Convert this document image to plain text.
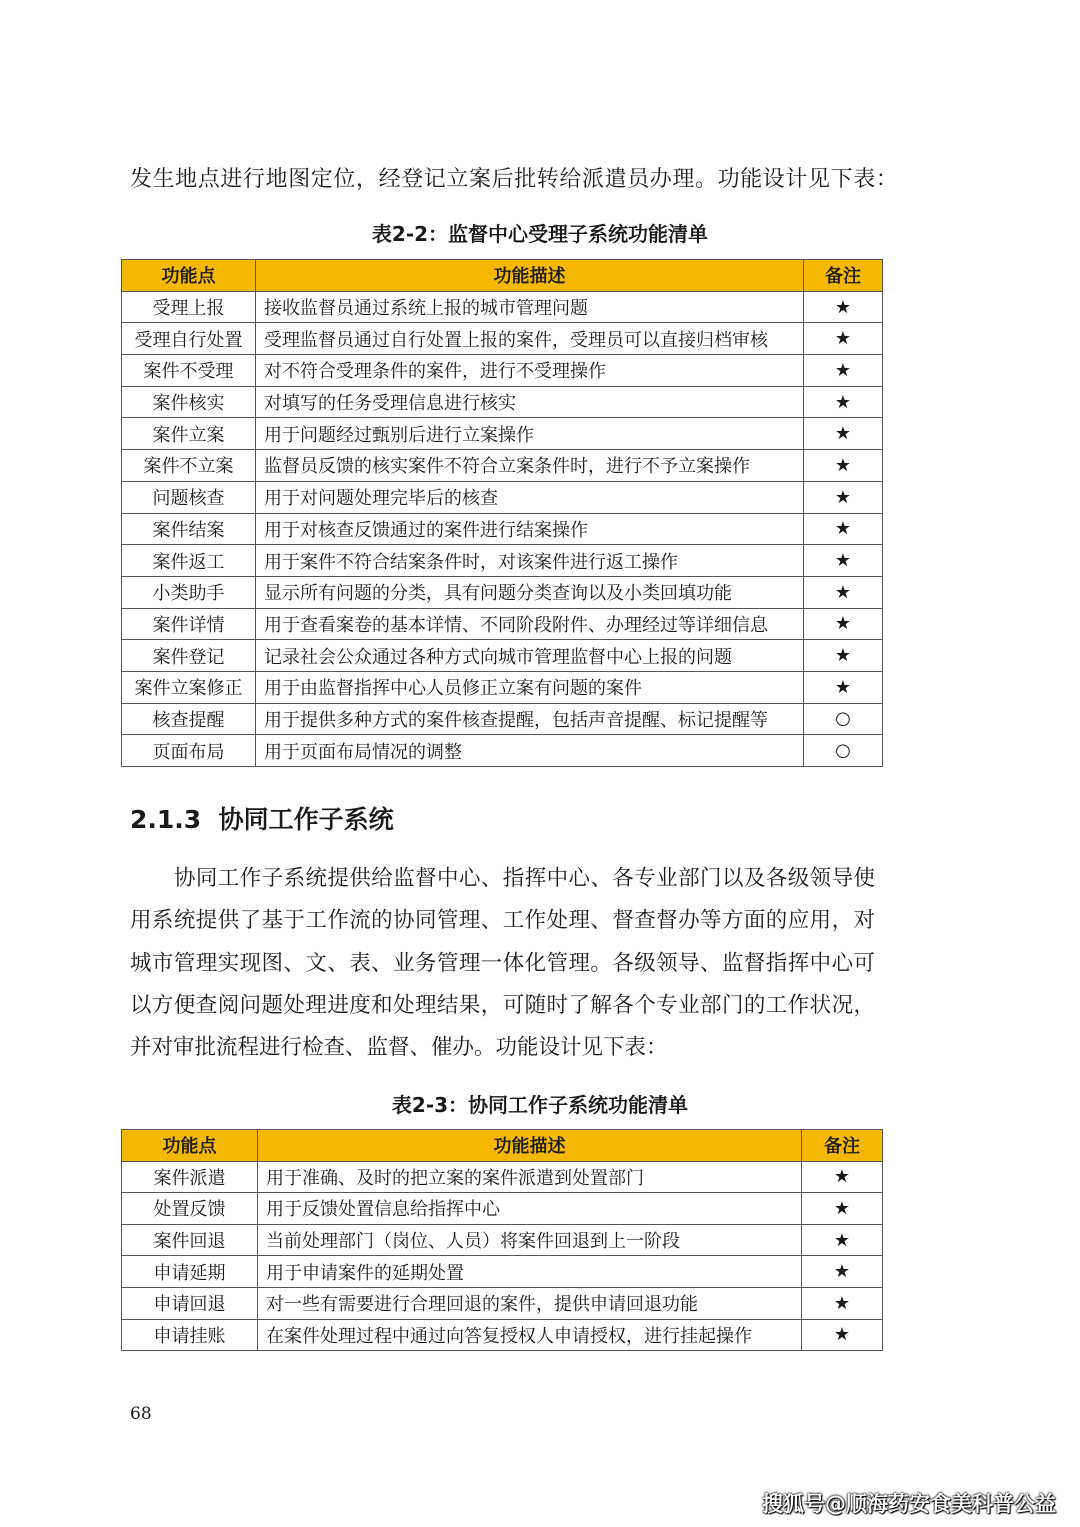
发生地点进行地图定位，经登记立案后批转给派遣员办理。功能设计见下表：
表2-2：监督中心受理子系统功能清单
功能点	功能描述	备注
受理上报	接收监督员通过系统上报的城市管理问题	★
受理自行处置	受理监督员通过自行处置上报的案件，受理员可以直接归档审核	★
案件不受理	对不符合受理条件的案件，进行不受理操作	★
案件核实	对填写的任务受理信息进行核实	★
案件立案	用于问题经过甄别后进行立案操作	★
案件不立案	监督员反馈的核实案件不符合立案条件时，进行不予立案操作	★
问题核查	用于对问题处理完毕后的核查	★
案件结案	用于对核查反馈通过的案件进行结案操作	★
案件返工	用于案件不符合结案条件时，对该案件进行返工操作	★
小类助手	显示所有问题的分类，具有问题分类查询以及小类回填功能	★
案件详情	用于查看案卷的基本详情、不同阶段附件、办理经过等详细信息	★
案件登记	记录社会公众通过各种方式向城市管理监督中心上报的问题	★
案件立案修正	用于由监督指挥中心人员修正立案有问题的案件	★
核查提醒	用于提供多种方式的案件核查提醒，包括声音提醒、标记提醒等	○
页面布局	用于页面布局情况的调整	○
2.1.3 协同工作子系统
协同工作子系统提供给监督中心、指挥中心、各专业部门以及各级领导使用系统提供了基于工作流的协同管理、工作处理、督查督办等方面的应用，对城市管理实现图、文、表、业务管理一体化管理。各级领导、监督指挥中心可以方便查阅问题处理进度和处理结果，可随时了解各个专业部门的工作状况，并对审批流程进行检查、监督、催办。功能设计见下表：
表2-3：协同工作子系统功能清单
功能点	功能描述	备注
案件派遣	用于准确、及时的把立案的案件派遣到处置部门	★
处置反馈	用于反馈处置信息给指挥中心	★
案件回退	当前处理部门（岗位、人员）将案件回退到上一阶段	★
申请延期	用于申请案件的延期处置	★
申请回退	对一些有需要进行合理回退的案件，提供申请回退功能	★
申请挂账	在案件处理过程中通过向答复授权人申请授权，进行挂起操作	★
68
搜狐号@顺海药安食美科普公益
